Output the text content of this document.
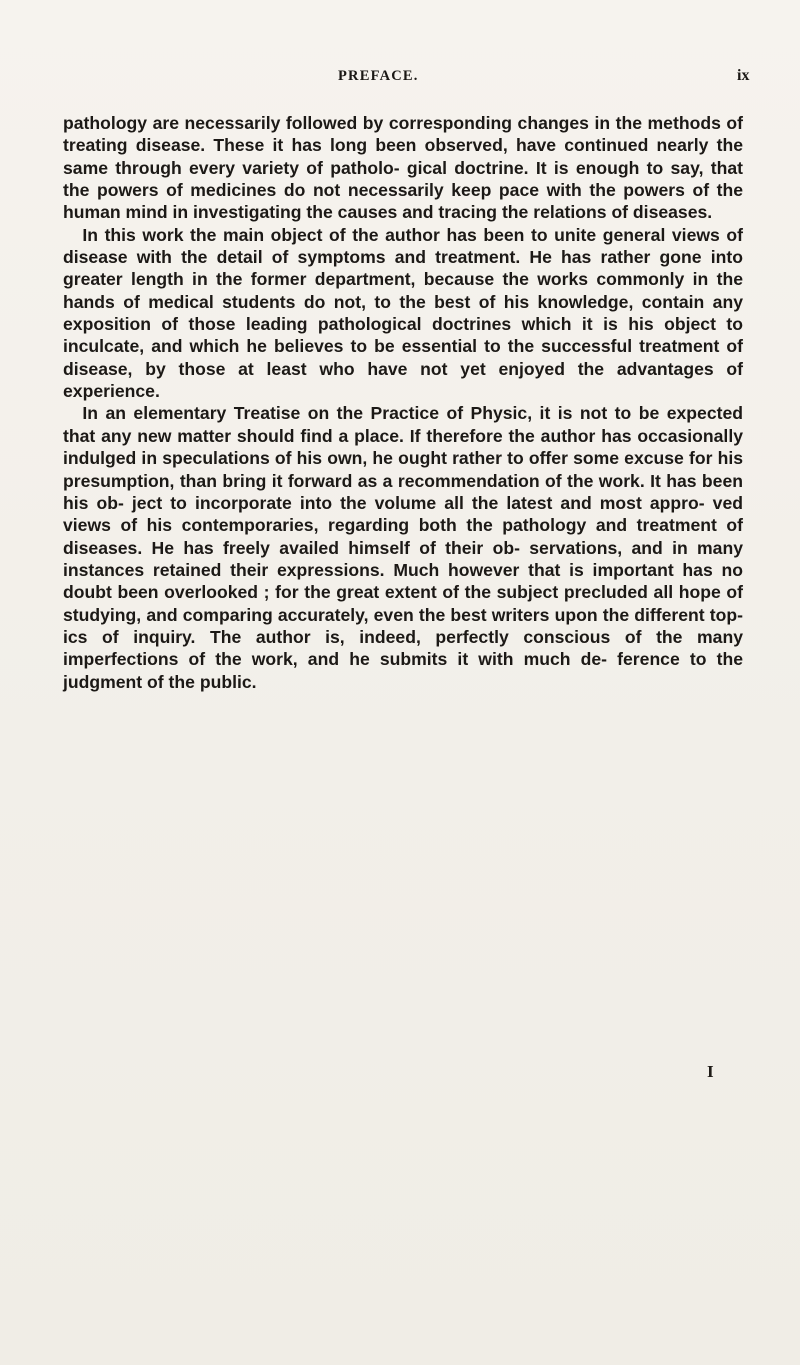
PREFACE.	ix

pathology are necessarily followed by corresponding changes in the methods of treating disease. These it has long been observed, have continued nearly the same through every variety of patholo- gical doctrine. It is enough to say, that the powers of medicines do not necessarily keep pace with the powers of the human mind in investigating the causes and tracing the relations of diseases.

In this work the main object of the author has been to unite general views of disease with the detail of symptoms and treatment. He has rather gone into greater length in the former department, because the works commonly in the hands of medical students do not, to the best of his knowledge, contain any exposition of those leading pathological doctrines which it is his object to inculcate, and which he believes to be essential to the successful treatment of disease, by those at least who have not yet enjoyed the advantages of experience.

In an elementary Treatise on the Practice of Physic, it is not to be expected that any new matter should find a place. If therefore the author has occasionally indulged in speculations of his own, he ought rather to offer some excuse for his presumption, than bring it forward as a recommendation of the work. It has been his ob- ject to incorporate into the volume all the latest and most appro- ved views of his contemporaries, regarding both the pathology and treatment of diseases. He has freely availed himself of their ob- servations, and in many instances retained their expressions. Much however that is important has no doubt been overlooked ; for the great extent of the subject precluded all hope of studying, and comparing accurately, even the best writers upon the different top- ics of inquiry. The author is, indeed, perfectly conscious of the many imperfections of the work, and he submits it with much de- ference to the judgment of the public.

I
